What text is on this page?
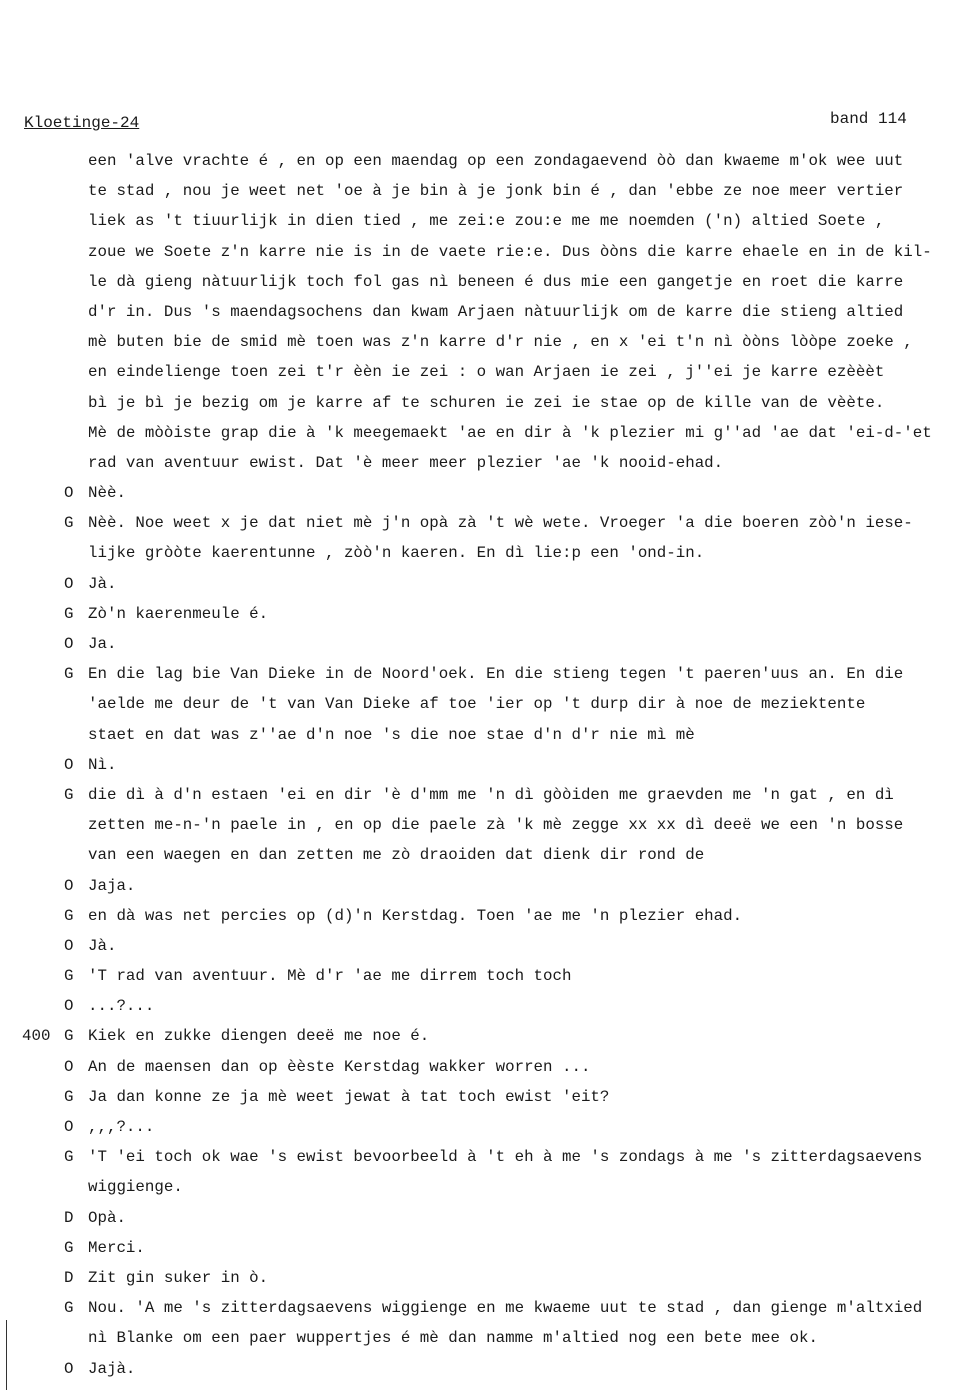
Kloetinge-24	band 114
een 'alve vrachte é , en op een maendag op een zondagaevend òò dan kwaeme m'ok wee uut
te stad , nou je weet net 'oe à je bin à je jonk bin é , dan 'ebbe ze noe meer vertier
liek as 't tiuurlijk in dien tied , me zei:e zou:e me me noemden ('n) altied Soete ,
zoue we Soete z'n karre nie is in de vaete rie:e. Dus òòns die karre ehaele en in de kil-
le dà gieng nàtuurlijk toch fol gas nì beneen é dus mie een gangetje en roet die karre
d'r in. Dus 's maendagsochens dan kwam Arjaen nàtuurlijk om de karre die stieng altied
mè buten bie de smid mè toen was z'n karre d'r nie , en x 'ei t'n nì òòns lòòpe zoeke ,
en eindelienge toen zei t'r èèn ie zei : o wan Arjaen ie zei , j''ei je karre ezèèèt
bì je bì je bezig om je karre af te schuren ie zei ie stae op de kille van de vèète.
Mè de mòòiste grap die à 'k meegemaekt 'ae en dir à 'k plezier mi g''ad 'ae dat 'ei-d-'et
rad van aventuur ewist. Dat 'è meer meer plezier 'ae 'k nooid-ehad.
O Nèè.
G Nèè. Noe weet x je dat niet mè j'n opà zà 't wè wete. Vroeger 'a die boeren zòò'n iese-
lijke gròòte kaerentunne , zòò'n kaeren. En dì lie:p een 'ond-in.
O Jà.
G Zò'n kaerenmeule é.
O Ja.
G En die lag bie Van Dieke in de Noord'oek. En die stieng tegen 't paeren'uus an. En die
'aelde me deur de 't van Van Dieke af toe 'ier op 't durp dir à noe de meziektente
staet en dat was z''ae d'n noe 's die noe stae d'n d'r nie mì mè
O Nì.
G die dì à d'n estaen 'ei en dir 'è d'mm me 'n dì gòòiden me graevden me 'n gat , en dì
zetten me-n-'n paele in , en op die paele zà 'k mè zegge xx xx dì deeë we een 'n bosse
van een waegen en dan zetten me zò draoiden dat dienk dir rond de
O Jaja.
G en dà was net percies op (d)'n Kerstdag. Toen 'ae me 'n plezier ehad.
O Jà.
G 'T rad van aventuur. Mè d'r 'ae me dirrem toch toch
O ...?...
400 G Kiek en zukke diengen deeë me noe é.
O An de maensen dan op èèste Kerstdag wakker worren ...
G Ja dan konne ze ja mè weet jewat à tat toch ewist 'eit?
O ,,,?...
G 'T 'ei toch ok wae 's ewist bevoorbeeld à 't eh à me 's zondags à me 's zitterdagsaevens
wiggienge.
D Opà.
G Merci.
D Zit gin suker in ò.
G Nou. 'A me 's zitterdagsaevens wiggienge en me kwaeme uut te stad , dan gienge m'altxied
nì Blanke om een paer wuppertjes é mè dan namme m'altied nog een bete mee ok.
O Jajà.
